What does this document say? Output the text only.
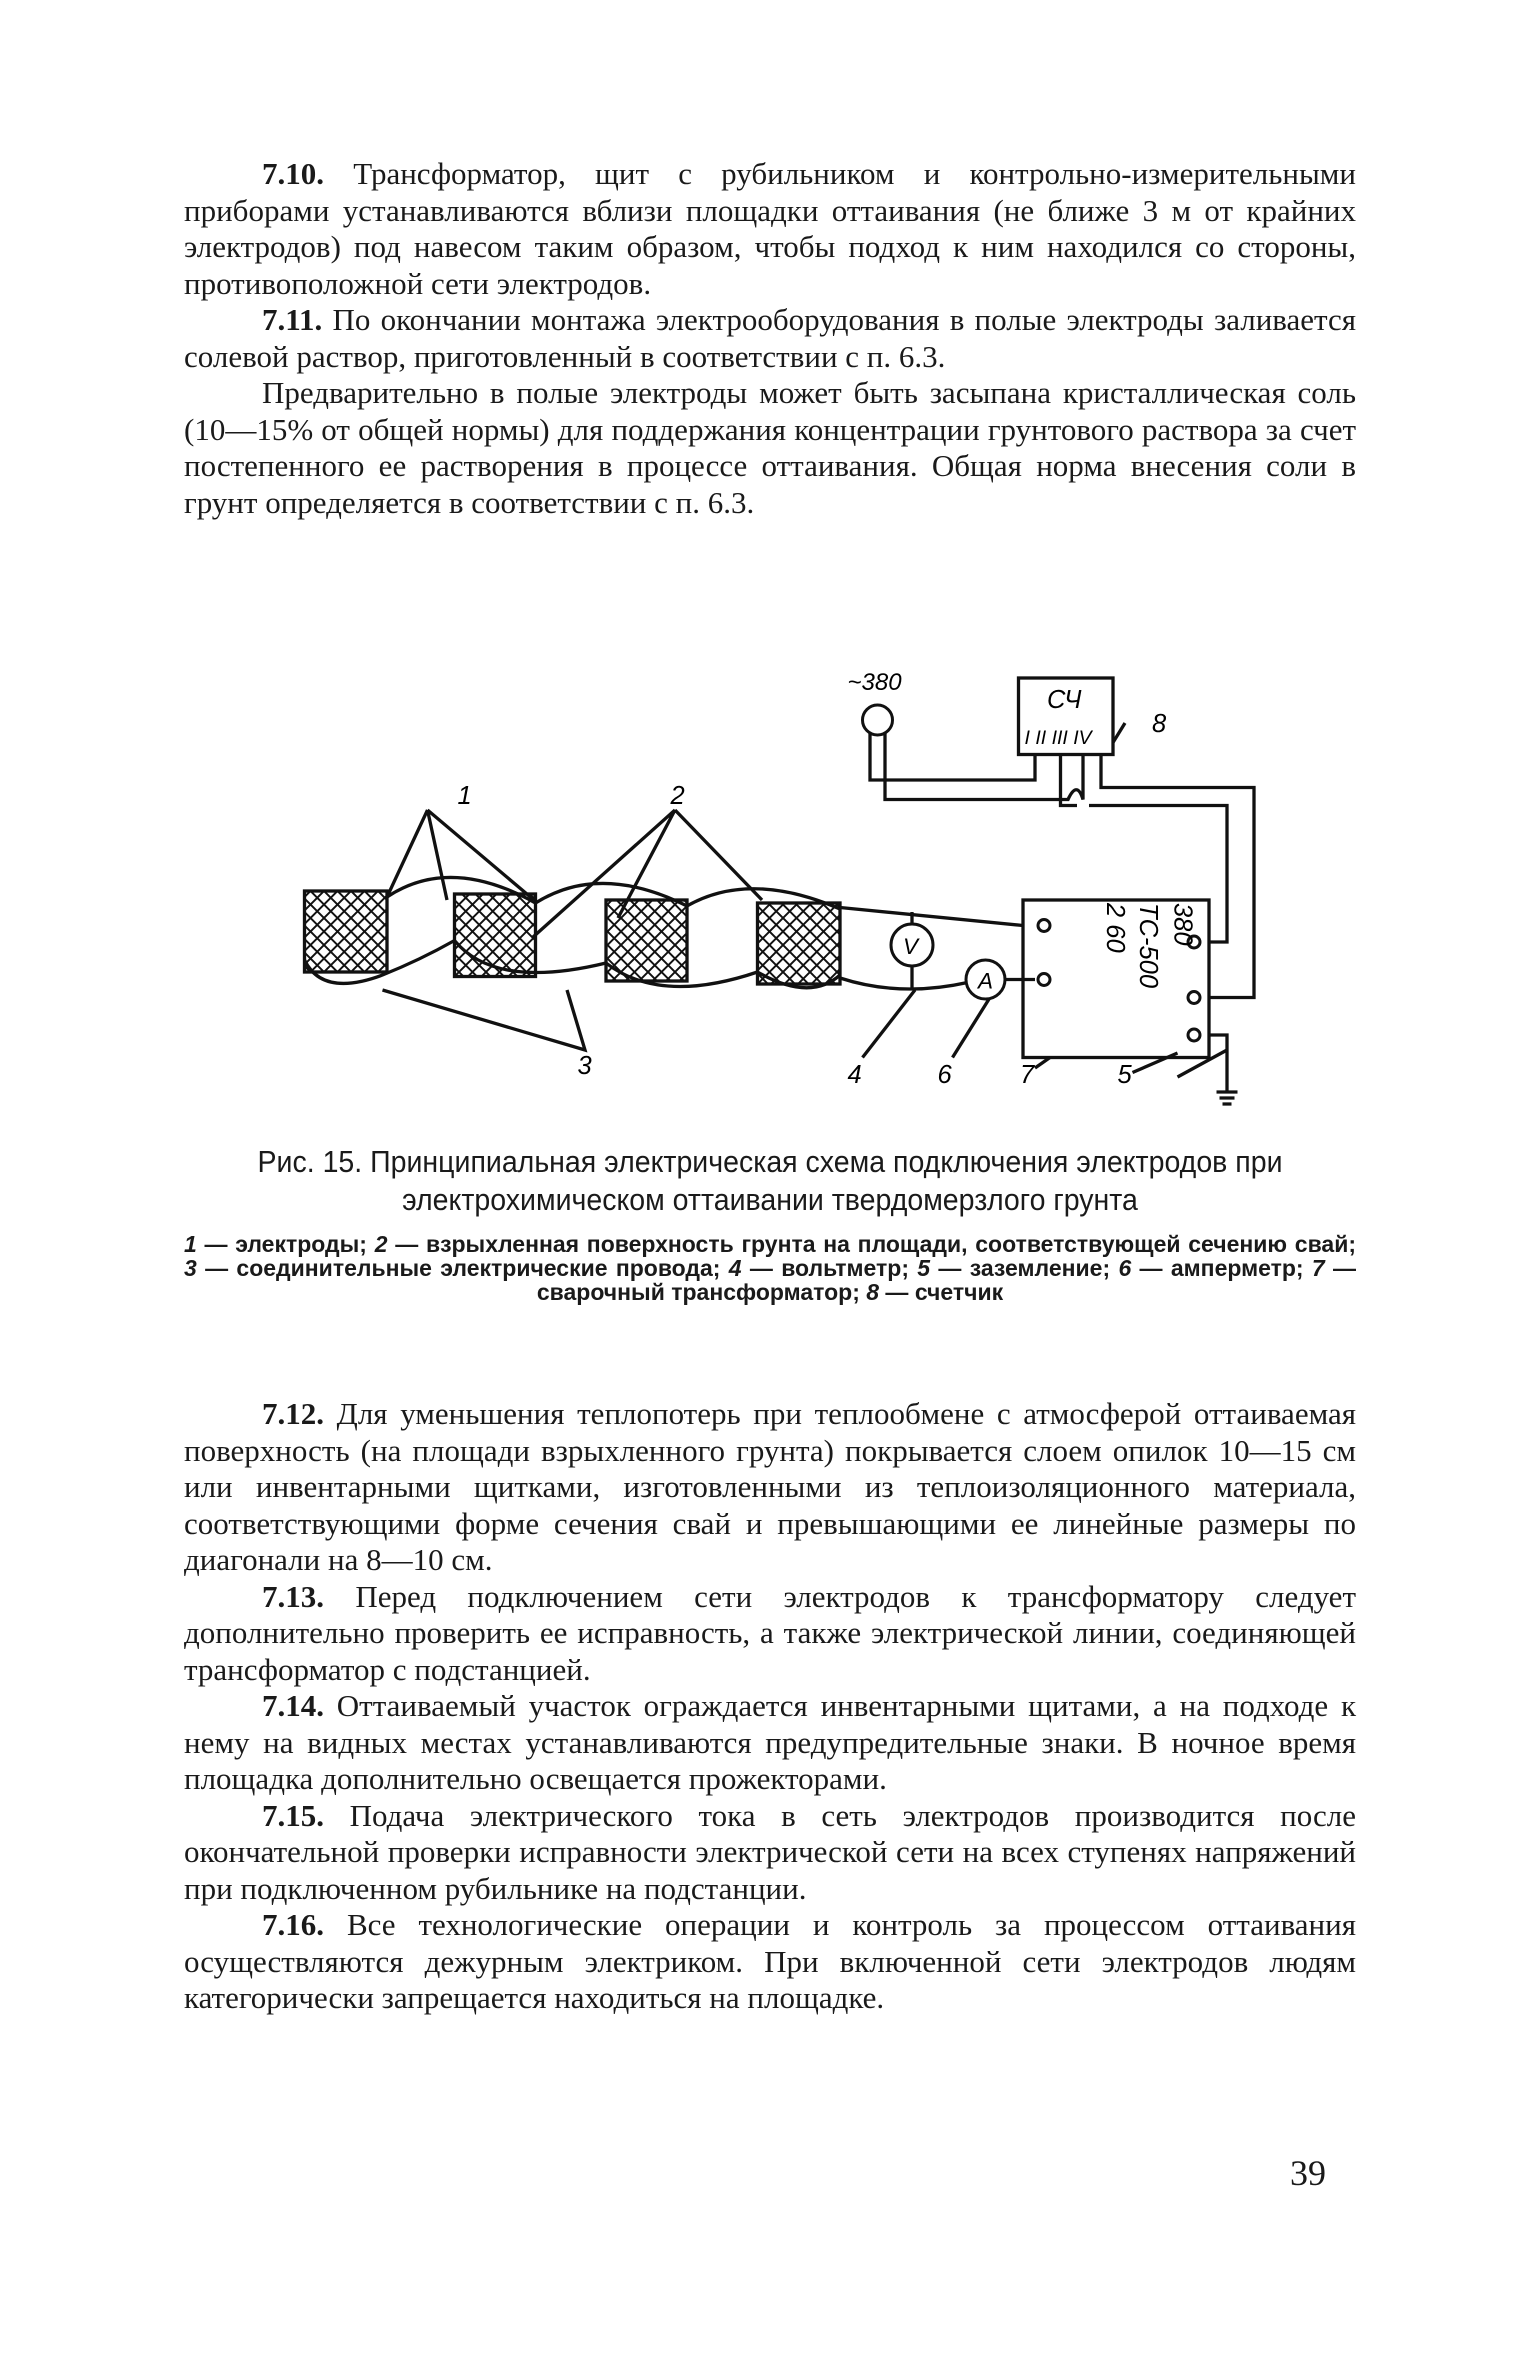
7.10. Трансформатор, щит с рубильником и контрольно-измерительными приборами устанавливаются вблизи площадки оттаивания (не ближе 3 м от крайних электродов) под навесом таким образом, чтобы подход к ним находился со стороны, противоположной сети электродов.

7.11. По окончании монтажа электрооборудования в полые электроды заливается солевой раствор, приготовленный в соответствии с п. 6.3.

Предварительно в полые электроды может быть засыпана кристаллическая соль (10—15% от общей нормы) для поддержания концентрации грунтового раствора за счет постепенного ее растворения в процессе оттаивания. Общая норма внесения соли в грунт определяется в соответствии с п. 6.3.

~380
СЧ
I II III IV
V
A
380
ТС-500
2 60
1	2
3	4	5
6	7
8
Рис. 15. Принципиальная электрическая схема подключения электродов при электрохимическом оттаивании твердомерзлого грунта
1 — электроды; 2 — взрыхленная поверхность грунта на площади, соответствующей сечению свай; 3 — соединительные электрические провода; 4 — вольтметр; 5 — заземление; 6 — амперметр; 7 — сварочный трансформатор; 8 — счетчик

7.12. Для уменьшения теплопотерь при теплообмене с атмосферой оттаиваемая поверхность (на площади взрыхленного грунта) покрывается слоем опилок 10—15 см или инвентарными щитками, изготовленными из теплоизоляционного материала, соответствующими форме сечения свай и превышающими ее линейные размеры по диагонали на 8—10 см.

7.13. Перед подключением сети электродов к трансформатору следует дополнительно проверить ее исправность, а также электрической линии, соединяющей трансформатор с подстанцией.

7.14. Оттаиваемый участок ограждается инвентарными щитами, а на подходе к нему на видных местах устанавливаются предупредительные знаки. В ночное время площадка дополнительно освещается прожекторами.

7.15. Подача электрического тока в сеть электродов производится после окончательной проверки исправности электрической сети на всех ступенях напряжений при подключенном рубильнике на подстанции.

7.16. Все технологические операции и контроль за процессом оттаивания осуществляются дежурным электриком. При включенной сети электродов людям категорически запрещается находиться на площадке.

39
